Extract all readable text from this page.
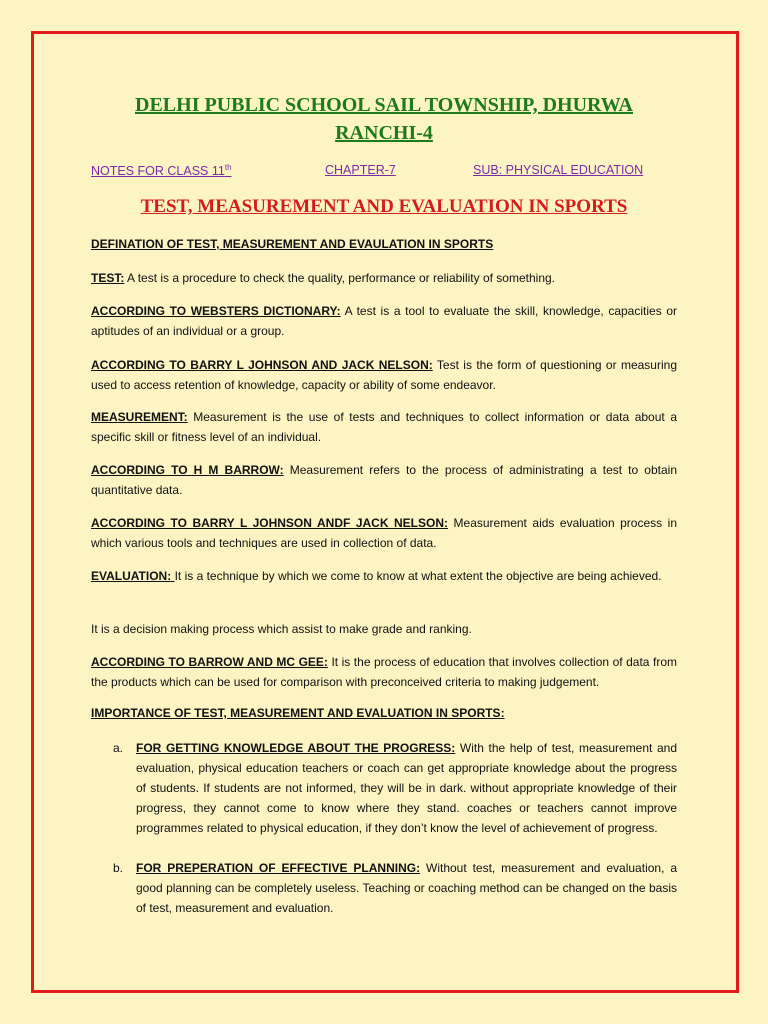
DELHI PUBLIC SCHOOL SAIL TOWNSHIP, DHURWA
RANCHI-4
NOTES FOR CLASS 11th	CHAPTER-7	SUB: PHYSICAL EDUCATION
TEST, MEASUREMENT AND EVALUATION IN SPORTS
DEFINATION OF TEST, MEASUREMENT AND EVAULATION IN SPORTS

TEST: A test is a procedure to check the quality, performance or reliability of something.

ACCORDING TO WEBSTERS DICTIONARY: A test is a tool to evaluate the skill, knowledge, capacities or aptitudes of an individual or a group.

ACCORDING TO BARRY L JOHNSON AND JACK NELSON: Test is the form of questioning or measuring used to access retention of knowledge, capacity or ability of some endeavor.

MEASUREMENT: Measurement is the use of tests and techniques to collect information or data about a specific skill or fitness level of an individual.

ACCORDING TO H M BARROW: Measurement refers to the process of administrating a test to obtain quantitative data.

ACCORDING TO BARRY L JOHNSON ANDF JACK NELSON: Measurement aids evaluation process in which various tools and techniques are used in collection of data.

EVALUATION: It is a technique by which we come to know at what extent the objective are being achieved.

It is a decision making process which assist to make grade and ranking.

ACCORDING TO BARROW AND MC GEE: It is the process of education that involves collection of data from the products which can be used for comparison with preconceived criteria to making judgement.

IMPORTANCE OF TEST, MEASUREMENT AND EVALUATION IN SPORTS:
a. FOR GETTING KNOWLEDGE ABOUT THE PROGRESS: With the help of test, measurement and evaluation, physical education teachers or coach can get appropriate knowledge about the progress of students. If students are not informed, they will be in dark. without appropriate knowledge of their progress, they cannot come to know where they stand. coaches or teachers cannot improve programmes related to physical education, if they don’t know the level of achievement of progress.
b. FOR PREPERATION OF EFFECTIVE PLANNING: Without test, measurement and evaluation, a good planning can be completely useless. Teaching or coaching method can be changed on the basis of test, measurement and evaluation.
